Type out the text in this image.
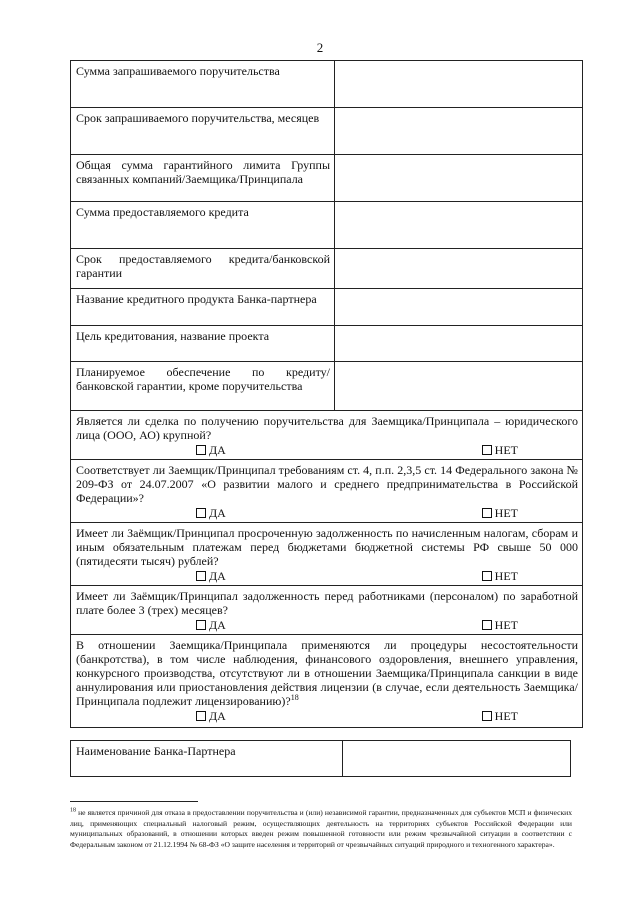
2
Сумма запрашиваемого поручительства	
Срок запрашиваемого поручительства, месяцев	
Общая сумма гарантийного лимита Группы связанных компаний/Заемщика/Принципала	
Сумма предоставляемого кредита	
Срок предоставляемого кредита/банковской гарантии	
Название кредитного продукта Банка-партнера	
Цель кредитования, название проекта	
Планируемое обеспечение по кредиту/банковской гарантии, кроме поручительства	

Является ли сделка по получению поручительства для Заемщика/Принципала – юридического лица (ООО, АО) крупной?
ДА НЕТ	

Соответствует ли Заемщик/Принципал требованиям ст. 4, п.п. 2,3,5 ст. 14 Федерального закона № 209-ФЗ от 24.07.2007 «О развитии малого и среднего предпринимательства в Российской Федерации»?
ДА НЕТ	

Имеет ли Заёмщик/Принципал просроченную задолженность по начисленным налогам, сборам и иным обязательным платежам перед бюджетами бюджетной системы РФ свыше 50 000 (пятидесяти тысяч) рублей?
ДА НЕТ	

Имеет ли Заёмщик/Принципал задолженность перед работниками (персоналом) по заработной плате более 3 (трех) месяцев?
ДА НЕТ	

В отношении Заемщика/Принципала применяются ли процедуры несостоятельности (банкротства), в том числе наблюдения, финансового оздоровления, внешнего управления, конкурсного производства, отсутствуют ли в отношении Заемщика/Принципала санкции в виде аннулирования или приостановления действия лицензии (в случае, если деятельность Заемщика/Принципала подлежит лицензированию)?$^{18}$
ДА НЕТ	
Наименование Банка-Партнера	
$^{18}$ не является причиной для отказа в предоставлении поручительства и (или) независимой гарантии, предназначенных для субъектов МСП и физических лиц, применяющих специальный налоговый режим, осуществляющих деятельность на территориях субъектов Российской Федерации или муниципальных образований, в отношении которых введен режим повышенной готовности или режим чрезвычайной ситуации в соответствии с Федеральным законом от 21.12.1994 № 68-ФЗ «О защите населения и территорий от чрезвычайных ситуаций природного и техногенного характера».
